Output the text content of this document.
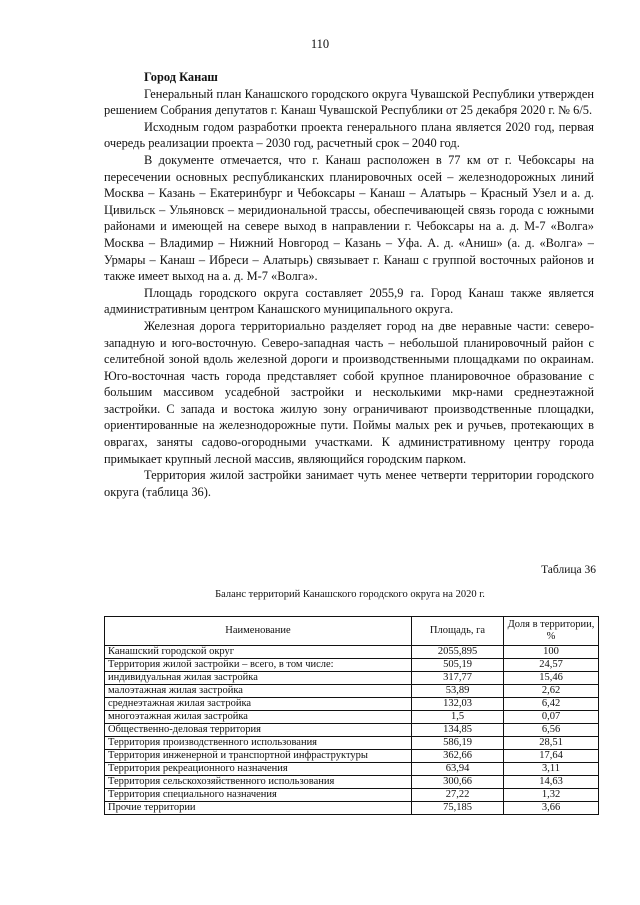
110

Город Канаш

Генеральный план Канашского городского округа Чувашской Республики утвержден решением Собрания депутатов г. Канаш Чувашской Республики от 25 декабря 2020 г. № 6/5.

Исходным годом разработки проекта генерального плана является 2020 год, первая очередь реализации проекта – 2030 год, расчетный срок – 2040 год.

В документе отмечается, что г. Канаш расположен в 77 км от г. Чебоксары на пересечении основных республиканских планировочных осей – железнодорожных линий Москва – Казань – Екатеринбург и Чебоксары – Канаш – Алатырь – Красный Узел и а. д. Цивильск – Ульяновск – меридиональной трассы, обеспечивающей связь города с южными районами и имеющей на севере выход в направлении г. Чебоксары на а. д. М-7 «Волга» Москва – Владимир – Нижний Новгород – Казань – Уфа. А. д. «Аниш» (а. д. «Волга» – Урмары – Канаш – Ибреси – Алатырь) связывает г. Канаш с группой восточных районов и также имеет выход на а. д. М-7 «Волга».

Площадь городского округа составляет 2055,9 га. Город Канаш также является административным центром Канашского муниципального округа.

Железная дорога территориально разделяет город на две неравные части: северо-западную и юго-восточную. Северо-западная часть – небольшой планировочный район с селитебной зоной вдоль железной дороги и производственными площадками по окраинам. Юго-восточная часть города представляет собой крупное планировочное образование с большим массивом усадебной застройки и несколькими мкр-нами среднеэтажной застройки. С запада и востока жилую зону ограничивают производственные площадки, ориентированные на железнодорожные пути. Поймы малых рек и ручьев, протекающих в оврагах, заняты садово-огородными участками. К административному центру города примыкает крупный лесной массив, являющийся городским парком.

Территория жилой застройки занимает чуть менее четверти территории городского округа (таблица 36).

Таблица 36
Баланс территорий Канашского городского округа на 2020 г.
Наименование	Площадь, га	Доля в территории, %
Канашский городской округ	2055,895	100
Территория жилой застройки – всего, в том числе:	505,19	24,57
индивидуальная жилая застройка	317,77	15,46
малоэтажная жилая застройка	53,89	2,62
среднеэтажная жилая застройка	132,03	6,42
многоэтажная жилая застройка	1,5	0,07
Общественно-деловая территория	134,85	6,56
Территория производственного использования	586,19	28,51
Территория инженерной и транспортной инфраструктуры	362,66	17,64
Территория рекреационного назначения	63,94	3,11
Территория сельскохозяйственного использования	300,66	14,63
Территория специального назначения	27,22	1,32
Прочие территории	75,185	3,66
